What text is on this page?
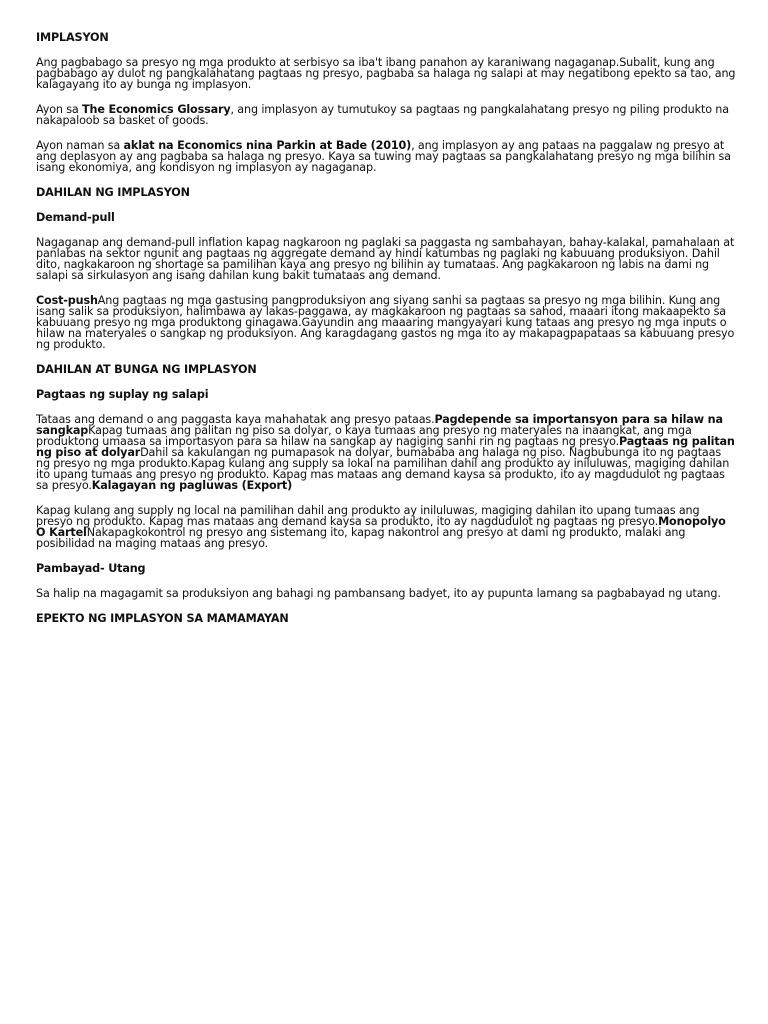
IMPLASYON
Ang pagbabago sa presyo ng mga produkto at serbisyo sa iba't ibang panahon ay karaniwang nagaganap.Subalit, kung ang pagbabago ay dulot ng pangkalahatang pagtaas ng presyo, pagbaba sa halaga ng salapi at may negatibong epekto sa tao, ang kalagayang ito ay bunga ng implasyon.
Ayon sa The Economics Glossary, ang implasyon ay tumutukoy sa pagtaas ng pangkalahatang presyo ng piling produkto na nakapaloob sa basket of goods.
Ayon naman sa aklat na Economics nina Parkin at Bade (2010), ang implasyon ay ang pataas na paggalaw ng presyo at ang deplasyon ay ang pagbaba sa halaga ng presyo. Kaya sa tuwing may pagtaas sa pangkalahatang presyo ng mga bilihin sa isang ekonomiya, ang kondisyon ng implasyon ay nagaganap.
DAHILAN NG IMPLASYON
Demand-pull
Nagaganap ang demand-pull inflation kapag nagkaroon ng paglaki sa paggasta ng sambahayan, bahay-kalakal, pamahalaan at panlabas na sektor ngunit ang pagtaas ng aggregate demand ay hindi katumbas ng paglaki ng kabuuang produksiyon. Dahil dito, nagkakaroon ng shortage sa pamilihan kaya ang presyo ng bilihin ay tumataas. Ang pagkakaroon ng labis na dami ng salapi sa sirkulasyon ang isang dahilan kung bakit tumataas ang demand.
Cost-pushAng pagtaas ng mga gastusing pangproduksiyon ang siyang sanhi sa pagtaas sa presyo ng mga bilihin. Kung ang isang salik sa produksiyon, halimbawa ay lakas-paggawa, ay magkakaroon ng pagtaas sa sahod, maaari itong makaapekto sa kabuuang presyo ng mga produktong ginagawa.Gayundin ang maaaring mangyayari kung tataas ang presyo ng mga inputs o hilaw na materyales o sangkap ng produksiyon. Ang karagdagang gastos ng mga ito ay makapagpapataas sa kabuuang presyo ng produkto.
DAHILAN AT BUNGA NG IMPLASYON
Pagtaas ng suplay ng salapi
Tataas ang demand o ang paggasta kaya mahahatak ang presyo pataas.Pagdepende sa importansyon para sa hilaw na sangkapKapag tumaas ang palitan ng piso sa dolyar, o kaya tumaas ang presyo ng materyales na inaangkat, ang mga produktong umaasa sa importasyon para sa hilaw na sangkap ay nagiging sanhi rin ng pagtaas ng presyo.Pagtaas ng palitan ng piso at dolyarDahil sa kakulangan ng pumapasok na dolyar, bumababa ang halaga ng piso. Nagbubunga ito ng pagtaas ng presyo ng mga produkto.Kapag kulang ang supply sa lokal na pamilihan dahil ang produkto ay iniluluwas, magiging dahilan ito upang tumaas ang presyo ng produkto. Kapag mas mataas ang demand kaysa sa produkto, ito ay magdudulot ng pagtaas sa presyo.Kalagayan ng pagluwas (Export)
Kapag kulang ang supply ng local na pamilihan dahil ang produkto ay iniluluwas, magiging dahilan ito upang tumaas ang presyo ng produkto. Kapag mas mataas ang demand kaysa sa produkto, ito ay nagdudulot ng pagtaas ng presyo.Monopolyo O KartelNakapagkokontrol ng presyo ang sistemang ito, kapag nakontrol ang presyo at dami ng produkto, malaki ang posibilidad na maging mataas ang presyo.
Pambayad- Utang
Sa halip na magagamit sa produksiyon ang bahagi ng pambansang badyet, ito ay pupunta lamang sa pagbabayad ng utang.
EPEKTO NG IMPLASYON SA MAMAMAYAN
